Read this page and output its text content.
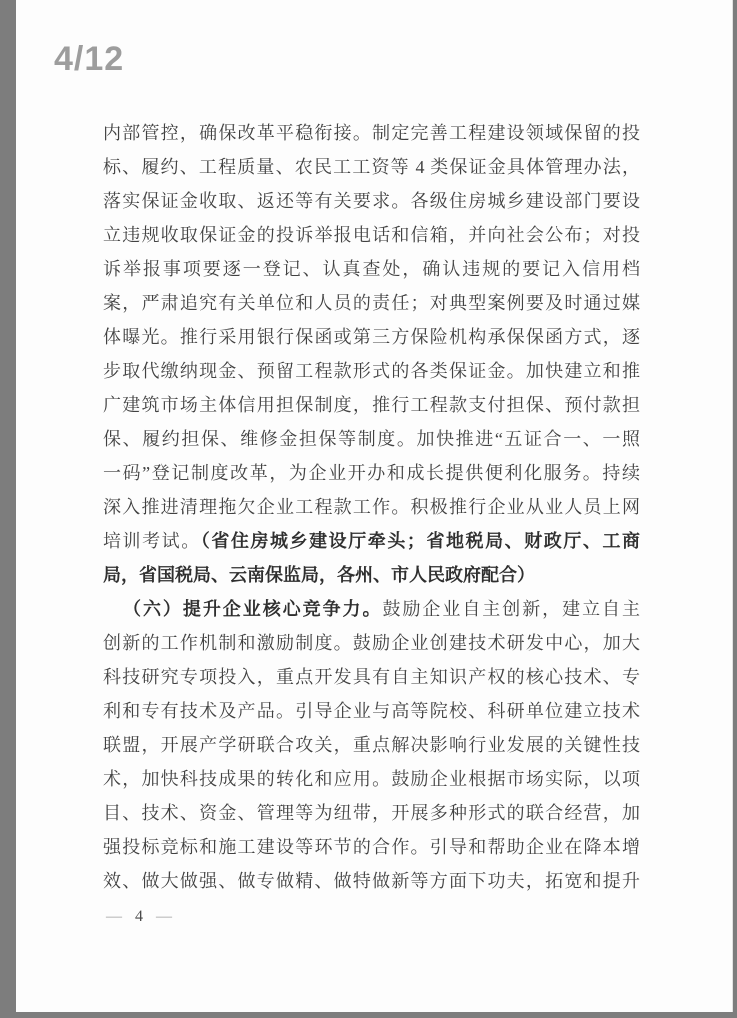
4/12
内部管控，确保改革平稳衔接。制定完善工程建设领域保留的投
标、履约、工程质量、农民工工资等 4 类保证金具体管理办法，
落实保证金收取、返还等有关要求。各级住房城乡建设部门要设
立违规收取保证金的投诉举报电话和信箱，并向社会公布；对投
诉举报事项要逐一登记、认真查处，确认违规的要记入信用档
案，严肃追究有关单位和人员的责任；对典型案例要及时通过媒
体曝光。推行采用银行保函或第三方保险机构承保保函方式，逐
步取代缴纳现金、预留工程款形式的各类保证金。加快建立和推
广建筑市场主体信用担保制度，推行工程款支付担保、预付款担
保、履约担保、维修金担保等制度。加快推进“五证合一、一照
一码”登记制度改革，为企业开办和成长提供便利化服务。持续
深入推进清理拖欠企业工程款工作。积极推行企业从业人员上网
培训考试。（省住房城乡建设厅牵头；省地税局、财政厅、工商
局，省国税局、云南保监局，各州、市人民政府配合）
（六）提升企业核心竞争力。鼓励企业自主创新，建立自主
创新的工作机制和激励制度。鼓励企业创建技术研发中心，加大
科技研究专项投入，重点开发具有自主知识产权的核心技术、专
利和专有技术及产品。引导企业与高等院校、科研单位建立技术
联盟，开展产学研联合攻关，重点解决影响行业发展的关键性技
术，加快科技成果的转化和应用。鼓励企业根据市场实际，以项
目、技术、资金、管理等为纽带，开展多种形式的联合经营，加
强投标竞标和施工建设等环节的合作。引导和帮助企业在降本增
效、做大做强、做专做精、做特做新等方面下功夫，拓宽和提升
— 4 —
